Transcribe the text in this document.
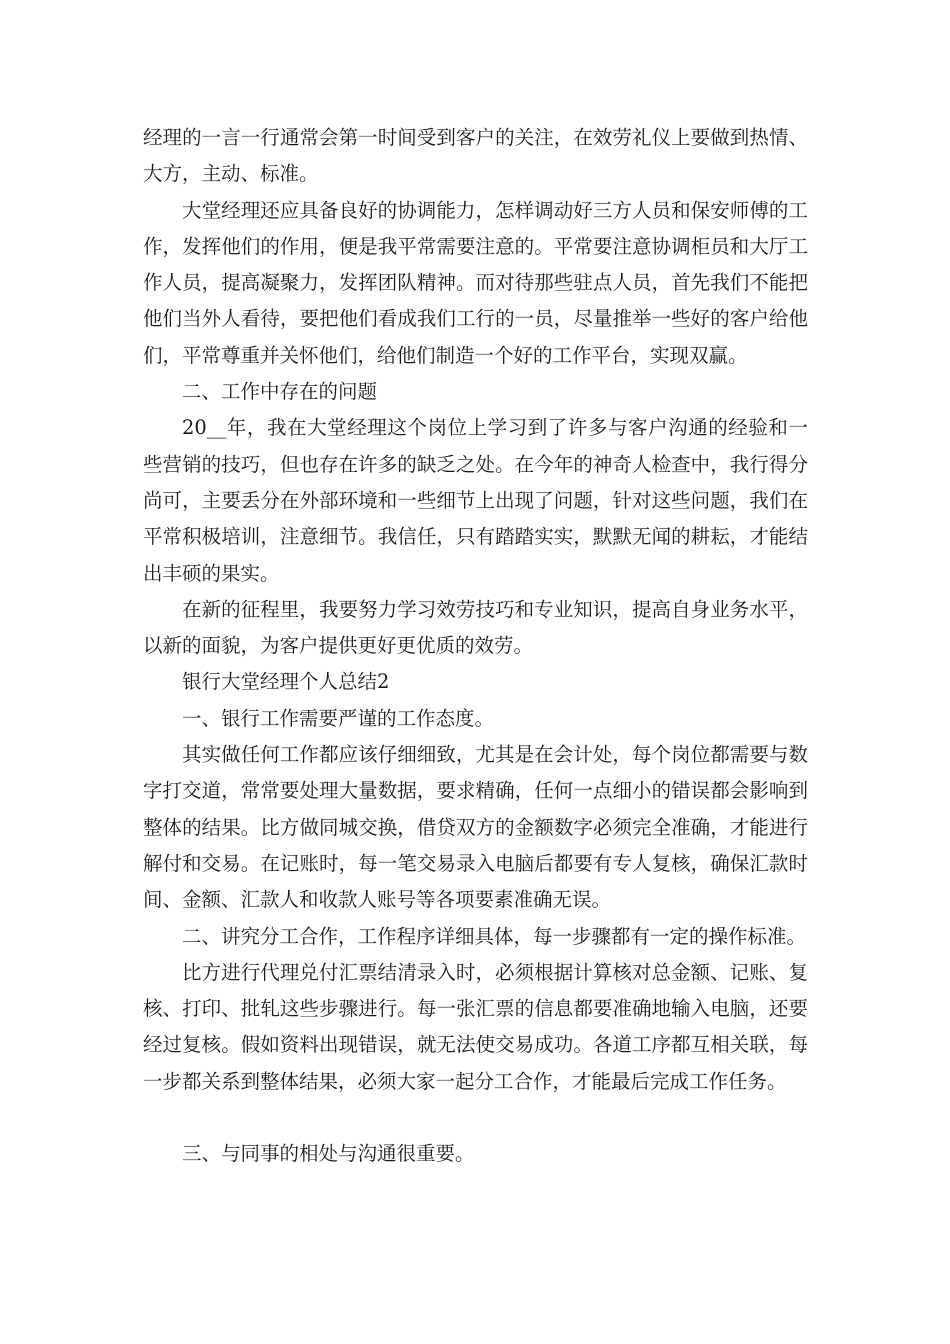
经理的一言一行通常会第一时间受到客户的关注，在效劳礼仪上要做到热情、大方，主动、标准。

大堂经理还应具备良好的协调能力，怎样调动好三方人员和保安师傅的工作，发挥他们的作用，便是我平常需要注意的。平常要注意协调柜员和大厅工作人员，提高凝聚力，发挥团队精神。而对待那些驻点人员，首先我们不能把他们当外人看待，要把他们看成我们工行的一员，尽量推举一些好的客户给他们，平常尊重并关怀他们，给他们制造一个好的工作平台，实现双赢。

二、工作中存在的问题

20__年，我在大堂经理这个岗位上学习到了许多与客户沟通的经验和一些营销的技巧，但也存在许多的缺乏之处。在今年的神奇人检查中，我行得分尚可，主要丢分在外部环境和一些细节上出现了问题，针对这些问题，我们在平常积极培训，注意细节。我信任，只有踏踏实实，默默无闻的耕耘，才能结出丰硕的果实。

在新的征程里，我要努力学习效劳技巧和专业知识，提高自身业务水平，以新的面貌，为客户提供更好更优质的效劳。

银行大堂经理个人总结2

一、银行工作需要严谨的工作态度。

其实做任何工作都应该仔细细致，尤其是在会计处，每个岗位都需要与数字打交道，常常要处理大量数据，要求精确，任何一点细小的错误都会影响到整体的结果。比方做同城交换，借贷双方的金额数字必须完全准确，才能进行解付和交易。在记账时，每一笔交易录入电脑后都要有专人复核，确保汇款时间、金额、汇款人和收款人账号等各项要素准确无误。

二、讲究分工合作，工作程序详细具体，每一步骤都有一定的操作标准。

比方进行代理兑付汇票结清录入时，必须根据计算核对总金额、记账、复核、打印、批轧这些步骤进行。每一张汇票的信息都要准确地输入电脑，还要经过复核。假如资料出现错误，就无法使交易成功。各道工序都互相关联，每一步都关系到整体结果，必须大家一起分工合作，才能最后完成工作任务。

三、与同事的相处与沟通很重要。
